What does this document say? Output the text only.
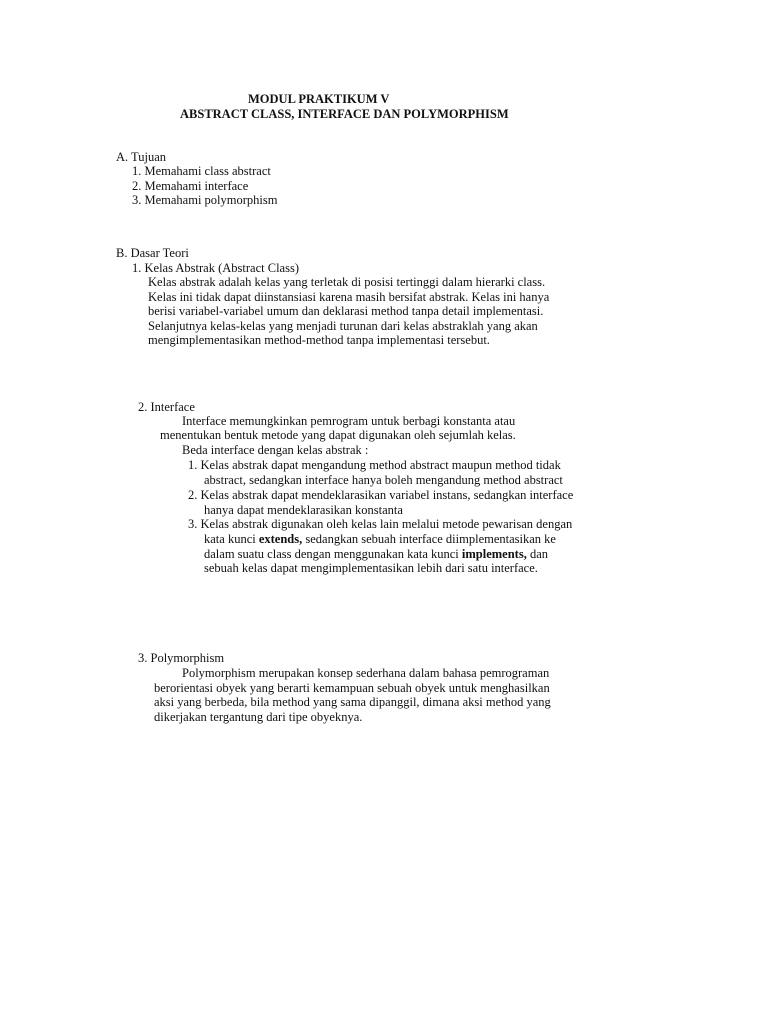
MODUL PRAKTIKUM V
ABSTRACT CLASS, INTERFACE DAN POLYMORPHISM
A. Tujuan
1. Memahami class abstract
2. Memahami interface
3. Memahami polymorphism
B. Dasar Teori
1. Kelas Abstrak (Abstract Class)
Kelas abstrak adalah kelas yang terletak di posisi tertinggi dalam hierarki class.
Kelas ini tidak dapat diinstansiasi karena masih bersifat abstrak. Kelas ini hanya
berisi variabel-variabel umum dan deklarasi method tanpa detail implementasi.
Selanjutnya kelas-kelas yang menjadi turunan dari kelas abstraklah yang akan
mengimplementasikan method-method tanpa implementasi tersebut.
2. Interface
Interface memungkinkan pemrogram untuk berbagi konstanta atau
menentukan bentuk metode yang dapat digunakan oleh sejumlah kelas.
Beda interface dengan kelas abstrak :
1. Kelas abstrak dapat mengandung method abstract maupun method tidak
abstract, sedangkan interface hanya boleh mengandung method abstract
2. Kelas abstrak dapat mendeklarasikan variabel instans, sedangkan interface
hanya dapat mendeklarasikan konstanta
3. Kelas abstrak digunakan oleh kelas lain melalui metode pewarisan dengan
kata kunci extends, sedangkan sebuah interface diimplementasikan ke
dalam suatu class dengan menggunakan kata kunci implements, dan
sebuah kelas dapat mengimplementasikan lebih dari satu interface.
3. Polymorphism
Polymorphism merupakan konsep sederhana dalam bahasa pemrograman
berorientasi obyek yang berarti kemampuan sebuah obyek untuk menghasilkan
aksi yang berbeda, bila method yang sama dipanggil, dimana aksi method yang
dikerjakan tergantung dari tipe obyeknya.
